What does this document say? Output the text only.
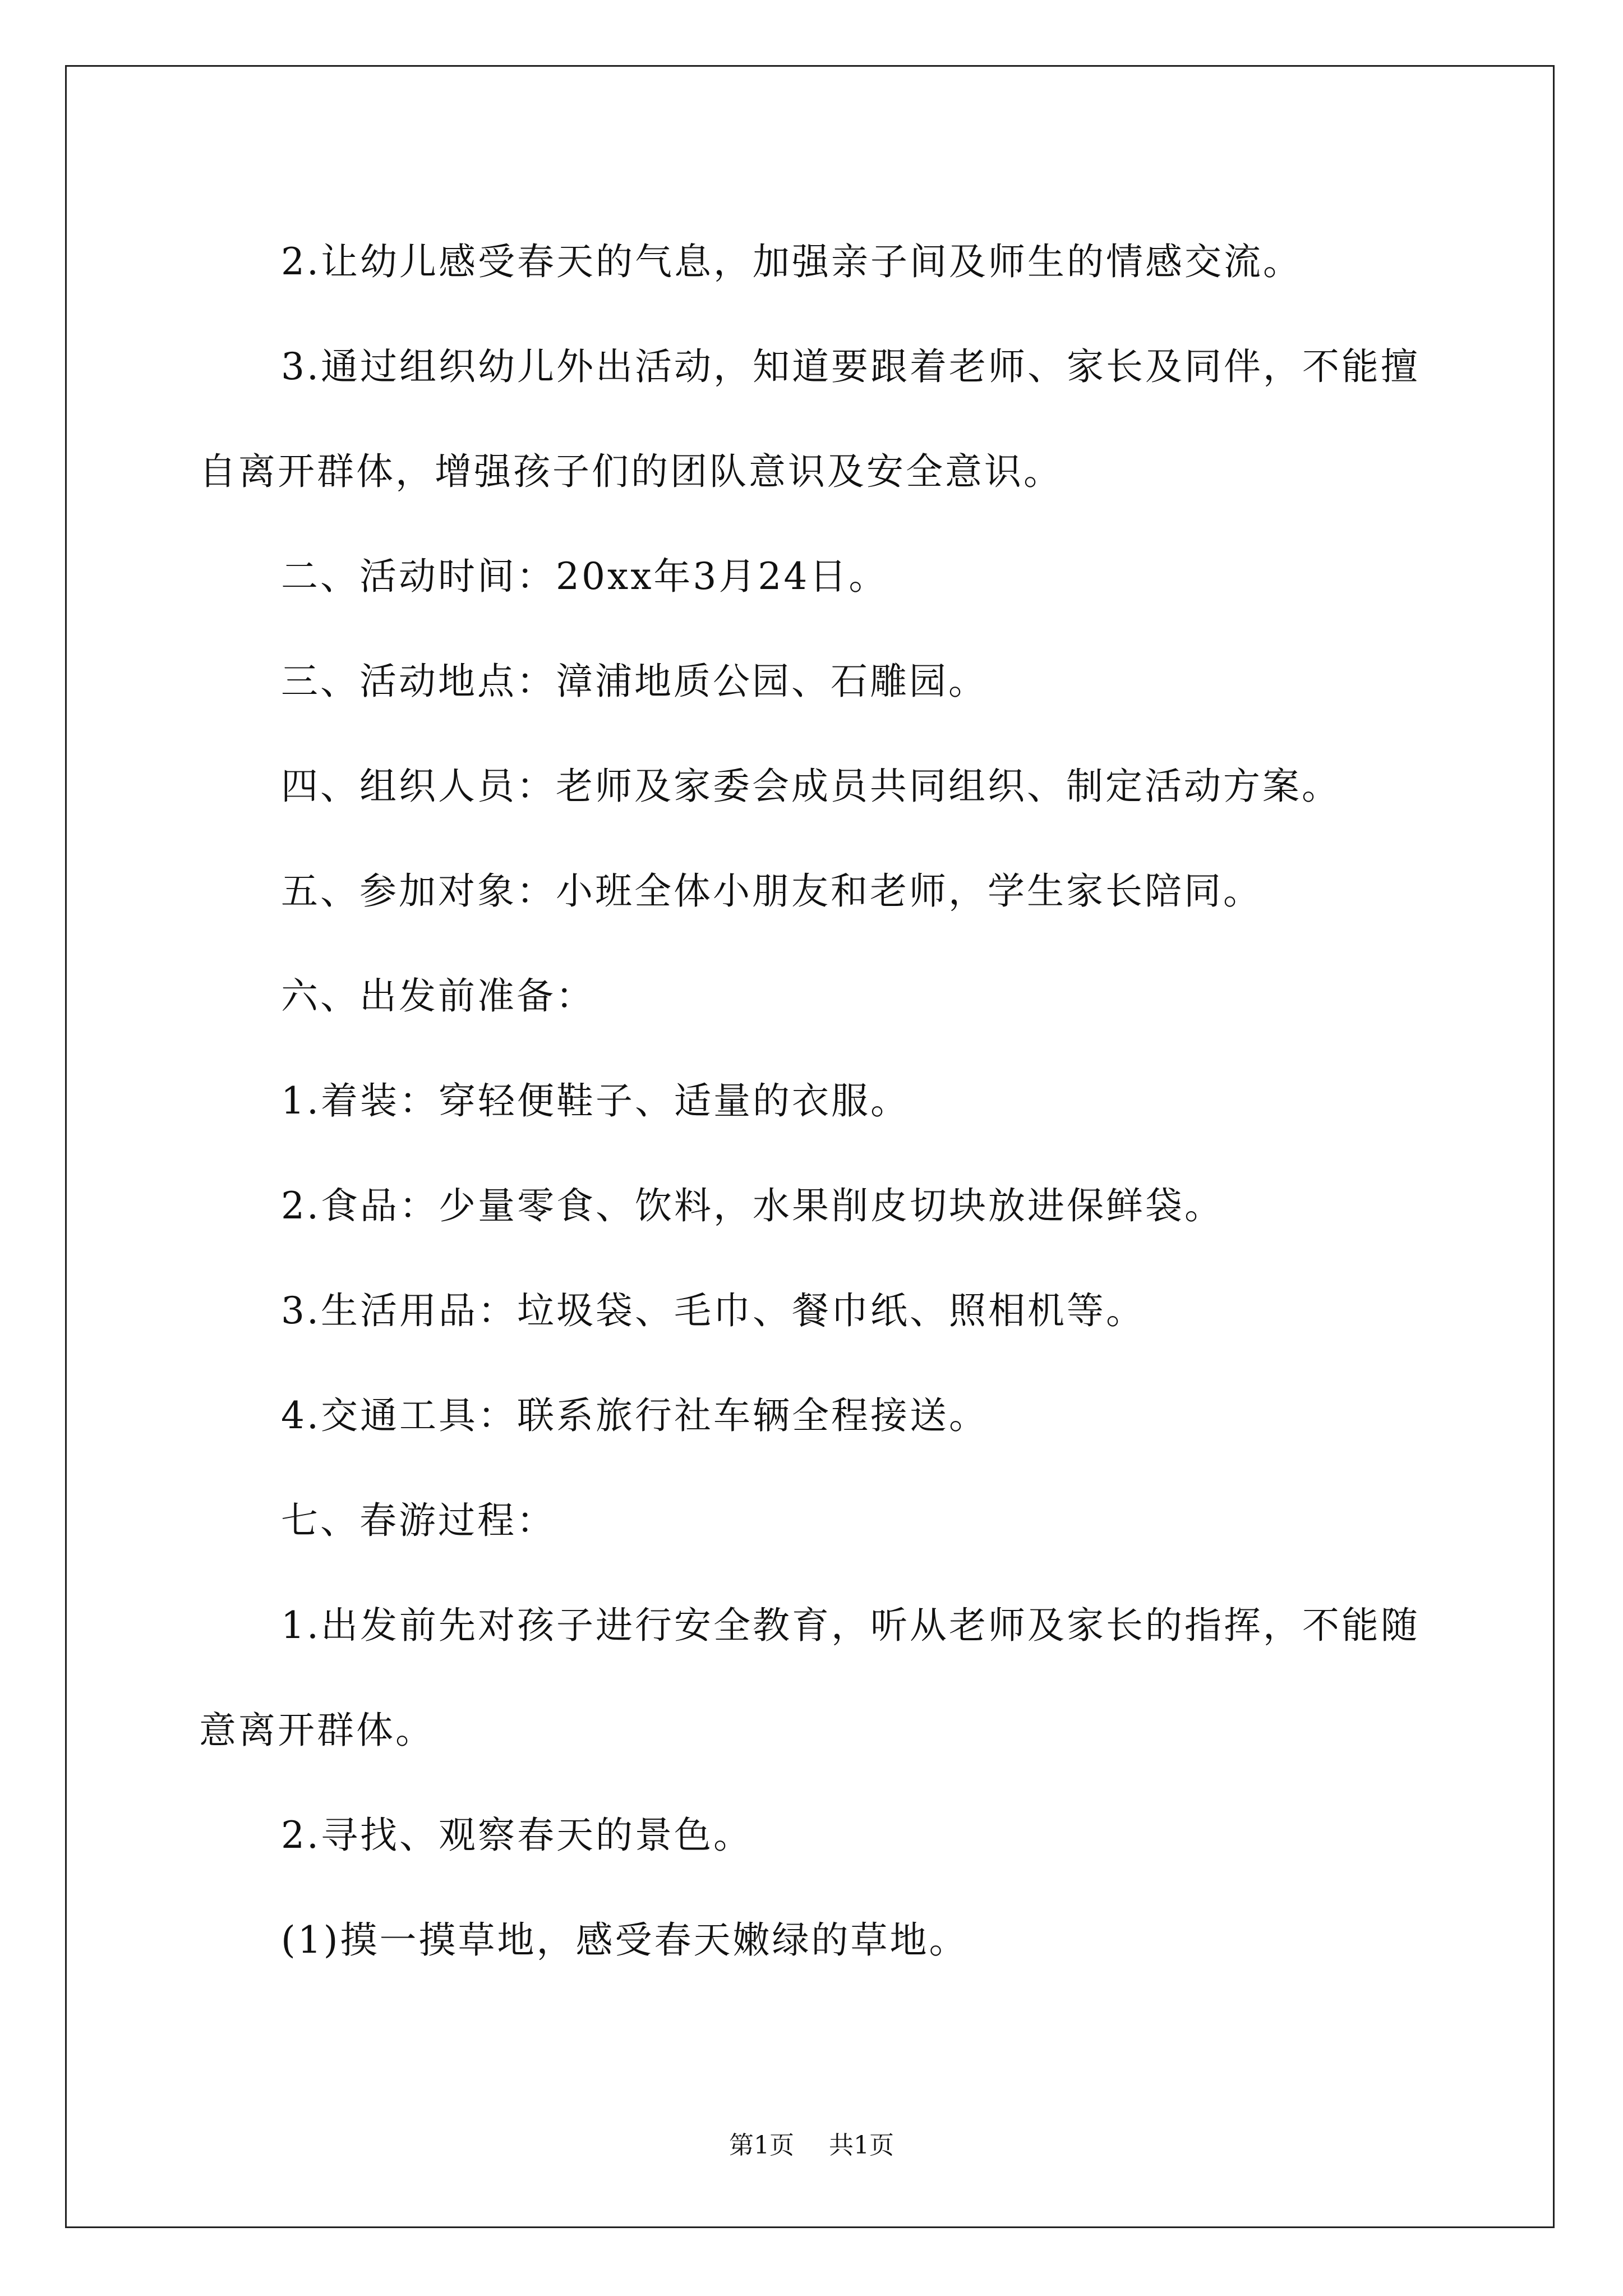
2.让幼儿感受春天的气息，加强亲子间及师生的情感交流。

3.通过组织幼儿外出活动，知道要跟着老师、家长及同伴，不能擅自离开群体，增强孩子们的团队意识及安全意识。

二、活动时间：20xx年3月24日。

三、活动地点：漳浦地质公园、石雕园。

四、组织人员：老师及家委会成员共同组织、制定活动方案。

五、参加对象：小班全体小朋友和老师，学生家长陪同。

六、出发前准备：

1.着装：穿轻便鞋子、适量的衣服。

2.食品：少量零食、饮料，水果削皮切块放进保鲜袋。

3.生活用品：垃圾袋、毛巾、餐巾纸、照相机等。

4.交通工具：联系旅行社车辆全程接送。

七、春游过程：

1.出发前先对孩子进行安全教育，听从老师及家长的指挥，不能随意离开群体。

2.寻找、观察春天的景色。

(1)摸一摸草地，感受春天嫩绿的草地。

第1页 共1页
